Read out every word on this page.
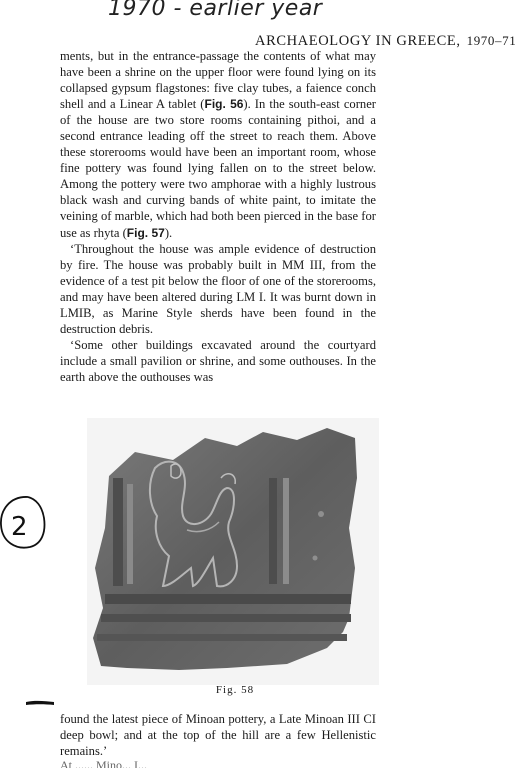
1970 - earlier year
ARCHAEOLOGY IN GREECE, 1970–71

ments, but in the entrance-passage the contents of what may have been a shrine on the upper floor were found lying on its collapsed gypsum flagstones: five clay tubes, a faience conch shell and a Linear A tablet (Fig. 56). In the south-east corner of the house are two store rooms containing pithoi, and a second entrance leading off the street to reach them. Above these storerooms would have been an important room, whose fine pottery was found lying fallen on to the street below. Among the pottery were two amphorae with a highly lustrous black wash and curving bands of white paint, to imitate the veining of marble, which had both been pierced in the base for use as rhyta (Fig. 57).

‘Throughout the house was ample evidence of destruction by fire. The house was probably built in MM III, from the evidence of a test pit below the floor of one of the storerooms, and may have been altered during LM I. It was burnt down in LMIB, as Marine Style sherds have been found in the destruction debris.

‘Some other buildings excavated around the courtyard include a small pavilion or shrine, and some outhouses. In the earth above the outhouses was

2
Fig. 58

found the latest piece of Minoan pottery, a Late Minoan III CI deep bowl; and at the top of the hill are a few Hellenistic remains.’

At ...... Mino... I...
